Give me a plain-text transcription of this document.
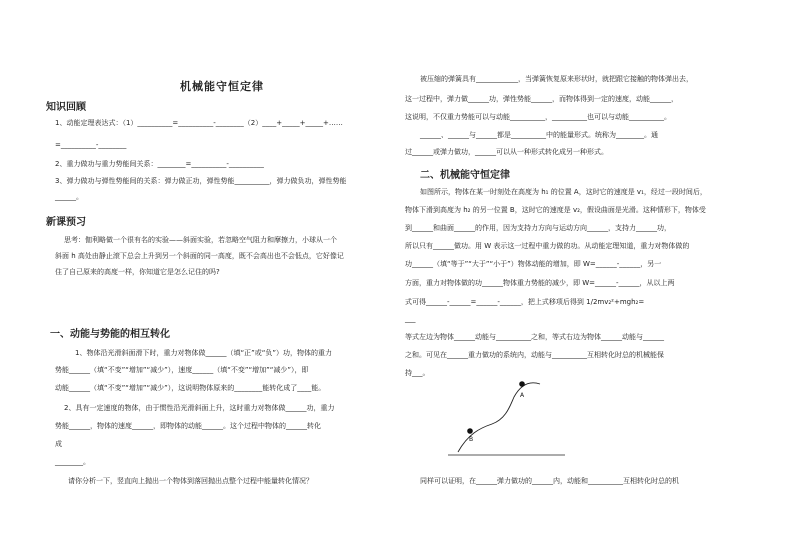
机械能守恒定律
知识回顾
1、动能定理表达式：（1）__________=__________-________（2）____+_____+_____+……
=__________-________
2、重力做功与重力势能间关系：________=__________-__________
3、弹力做功与弹性势能间的关系：弹力做正功，弹性势能__________，弹力做负功，弹性势能
______。
新课预习
思考：伽利略做一个很有名的实验——斜面实验，若忽略空气阻力和摩擦力，小球从一个
斜面 h 高处由静止滚下总会上升到另一个斜面的同一高度，既不会高出也不会低点，它好像记
住了自己原来的高度一样，你知道它是怎么记住的吗?
一、动能与势能的相互转化
1、物体沿光滑斜面滑下时，重力对物体做______（填“正”或“负”）功，物体的重力
势能______（填“不变”“增加”“减少”），速度______（填“不变”“增加”“减少”），即
动能______（填“不变”“增加”“减少”），这说明物体原来的________能转化成了____能。
2、具有一定速度的物体，由于惯性沿光滑斜面上升，这时重力对物体做______功，重力
势能______，物体的速度______，即物体的动能______。这个过程中物体的______转化
成
________。
请你分析一下，竖直向上抛出一个物体到落回抛出点整个过程中能量转化情况？
被压缩的弹簧具有____________，当弹簧恢复原来形状时，就把跟它接触的物体弹出去，
这一过程中，弹力做______功，弹性势能______，而物体得到一定的速度，动能______，
这说明，不仅重力势能可以与动能__________，__________也可以与动能__________。
______、______与______都是__________中的能量形式。统称为________。通
过______或弹力做功，______可以从一种形式转化成另一种形式。
二、机械能守恒定律
如图所示，物体在某一时刻处在高度为 h₁ 的位置 A，这时它的速度是 v₁，经过一段时间后，
物体下滑到高度为 h₂ 的另一位置 B，这时它的速度是 v₂，假设曲面是光滑。这种情形下，物体受
到______和曲面______的作用，因为支持力方向与运动方向______，支持力______功，
所以只有______做功。用 W 表示这一过程中重力做的功。从动能定理知道，重力对物体做的
功______（填“等于”“大于”“小于”）物体动能的增加，即 W=______-______，另一
方面，重力对物体做的功______物体重力势能的减少，即 W=______-______，从以上两
式可得______-______=______-______，把上式移项后得到 1/2mv₂²+mgh₂=
___
等式左边为物体______动能与__________之和，等式右边为物体______动能与______
之和。可见在______重力做功的系统内，动能与__________互相转化时总的机械能保
持___。
A
B
同样可以证明，在______弹力做功的______内，动能和__________互相转化时总的机
